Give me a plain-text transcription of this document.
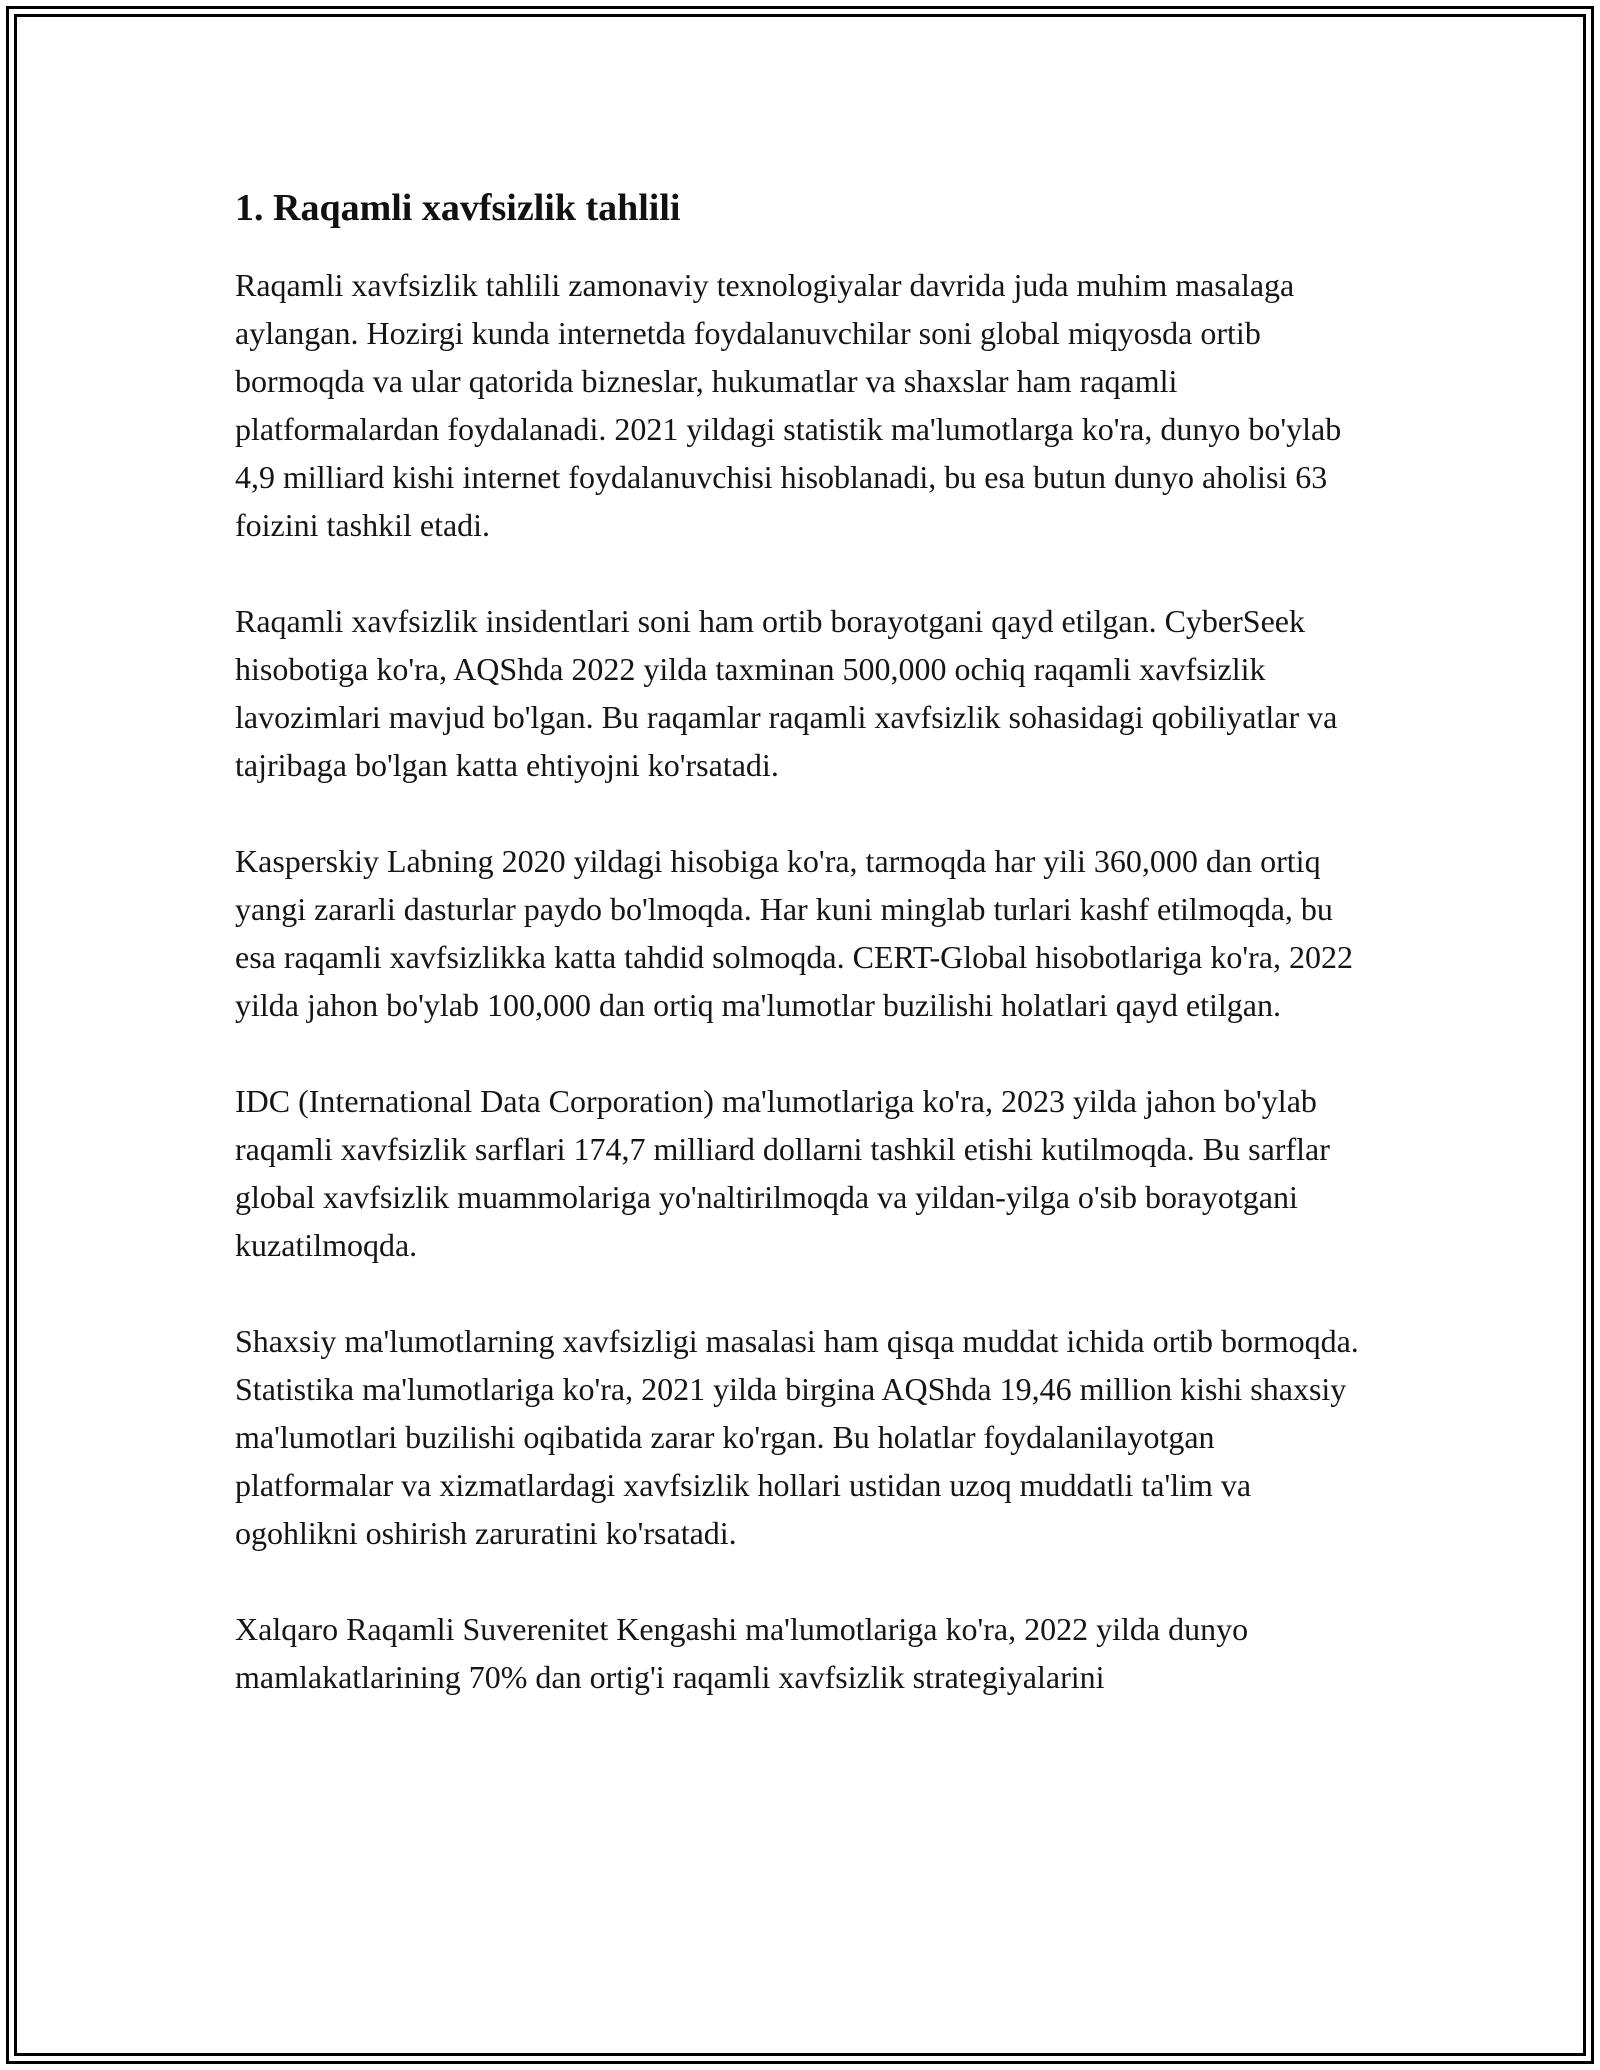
1. Raqamli xavfsizlik tahlili

Raqamli xavfsizlik tahlili zamonaviy texnologiyalar davrida juda muhim masalaga aylangan. Hozirgi kunda internetda foydalanuvchilar soni global miqyosda ortib bormoqda va ular qatorida bizneslar, hukumatlar va shaxslar ham raqamli platformalardan foydalanadi. 2021 yildagi statistik ma'lumotlarga ko'ra, dunyo bo'ylab 4,9 milliard kishi internet foydalanuvchisi hisoblanadi, bu esa butun dunyo aholisi 63 foizini tashkil etadi.

Raqamli xavfsizlik insidentlari soni ham ortib borayotgani qayd etilgan. CyberSeek hisobotiga ko'ra, AQShda 2022 yilda taxminan 500,000 ochiq raqamli xavfsizlik lavozimlari mavjud bo'lgan. Bu raqamlar raqamli xavfsizlik sohasidagi qobiliyatlar va tajribaga bo'lgan katta ehtiyojni ko'rsatadi.

Kasperskiy Labning 2020 yildagi hisobiga ko'ra, tarmoqda har yili 360,000 dan ortiq yangi zararli dasturlar paydo bo'lmoqda. Har kuni minglab turlari kashf etilmoqda, bu esa raqamli xavfsizlikka katta tahdid solmoqda. CERT-Global hisobotlariga ko'ra, 2022 yilda jahon bo'ylab 100,000 dan ortiq ma'lumotlar buzilishi holatlari qayd etilgan.

IDC (International Data Corporation) ma'lumotlariga ko'ra, 2023 yilda jahon bo'ylab raqamli xavfsizlik sarflari 174,7 milliard dollarni tashkil etishi kutilmoqda. Bu sarflar global xavfsizlik muammolariga yo'naltirilmoqda va yildan-yilga o'sib borayotgani kuzatilmoqda.

Shaxsiy ma'lumotlarning xavfsizligi masalasi ham qisqa muddat ichida ortib bormoqda. Statistika ma'lumotlariga ko'ra, 2021 yilda birgina AQShda 19,46 million kishi shaxsiy ma'lumotlari buzilishi oqibatida zarar ko'rgan. Bu holatlar foydalanilayotgan platformalar va xizmatlardagi xavfsizlik hollari ustidan uzoq muddatli ta'lim va ogohlikni oshirish zaruratini ko'rsatadi.

Xalqaro Raqamli Suverenitet Kengashi ma'lumotlariga ko'ra, 2022 yilda dunyo mamlakatlarining 70% dan ortig'i raqamli xavfsizlik strategiyalarini
